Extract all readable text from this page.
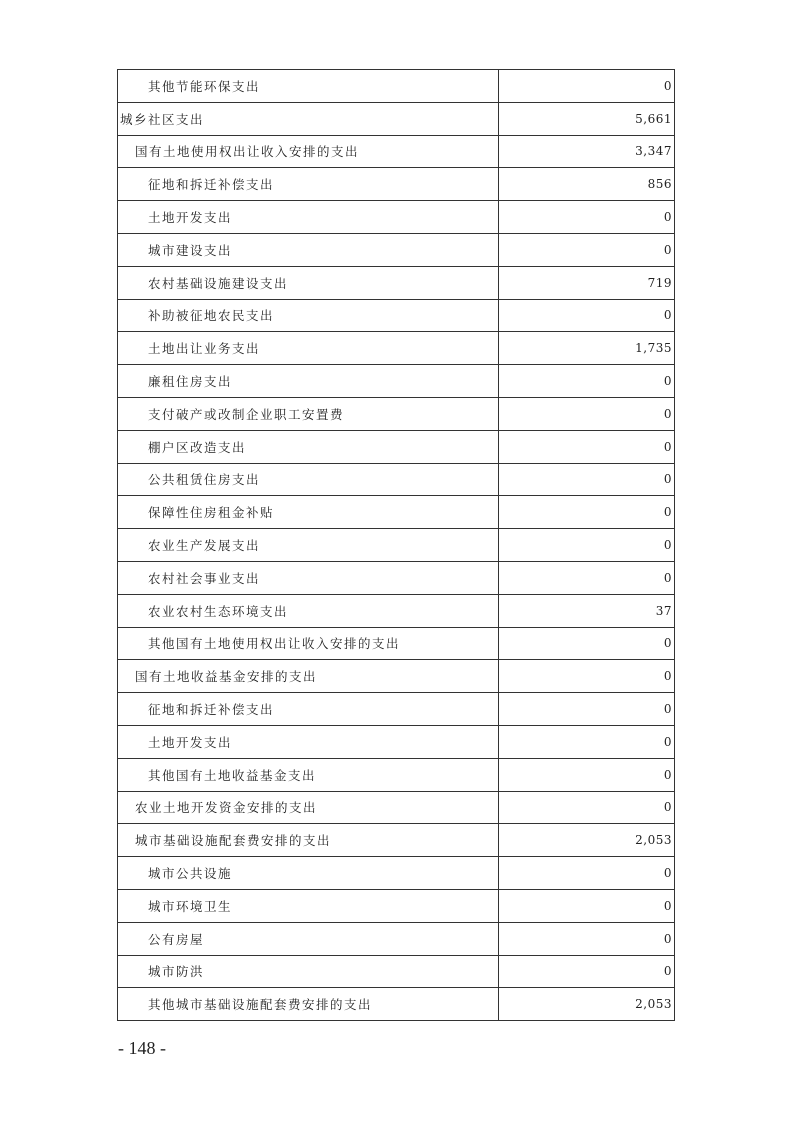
其他节能环保支出	0
城乡社区支出	5,661
国有土地使用权出让收入安排的支出	3,347
征地和拆迁补偿支出	856
土地开发支出	0
城市建设支出	0
农村基础设施建设支出	719
补助被征地农民支出	0
土地出让业务支出	1,735
廉租住房支出	0
支付破产或改制企业职工安置费	0
棚户区改造支出	0
公共租赁住房支出	0
保障性住房租金补贴	0
农业生产发展支出	0
农村社会事业支出	0
农业农村生态环境支出	37
其他国有土地使用权出让收入安排的支出	0
国有土地收益基金安排的支出	0
征地和拆迁补偿支出	0
土地开发支出	0
其他国有土地收益基金支出	0
农业土地开发资金安排的支出	0
城市基础设施配套费安排的支出	2,053
城市公共设施	0
城市环境卫生	0
公有房屋	0
城市防洪	0
其他城市基础设施配套费安排的支出	2,053
- 148 -
